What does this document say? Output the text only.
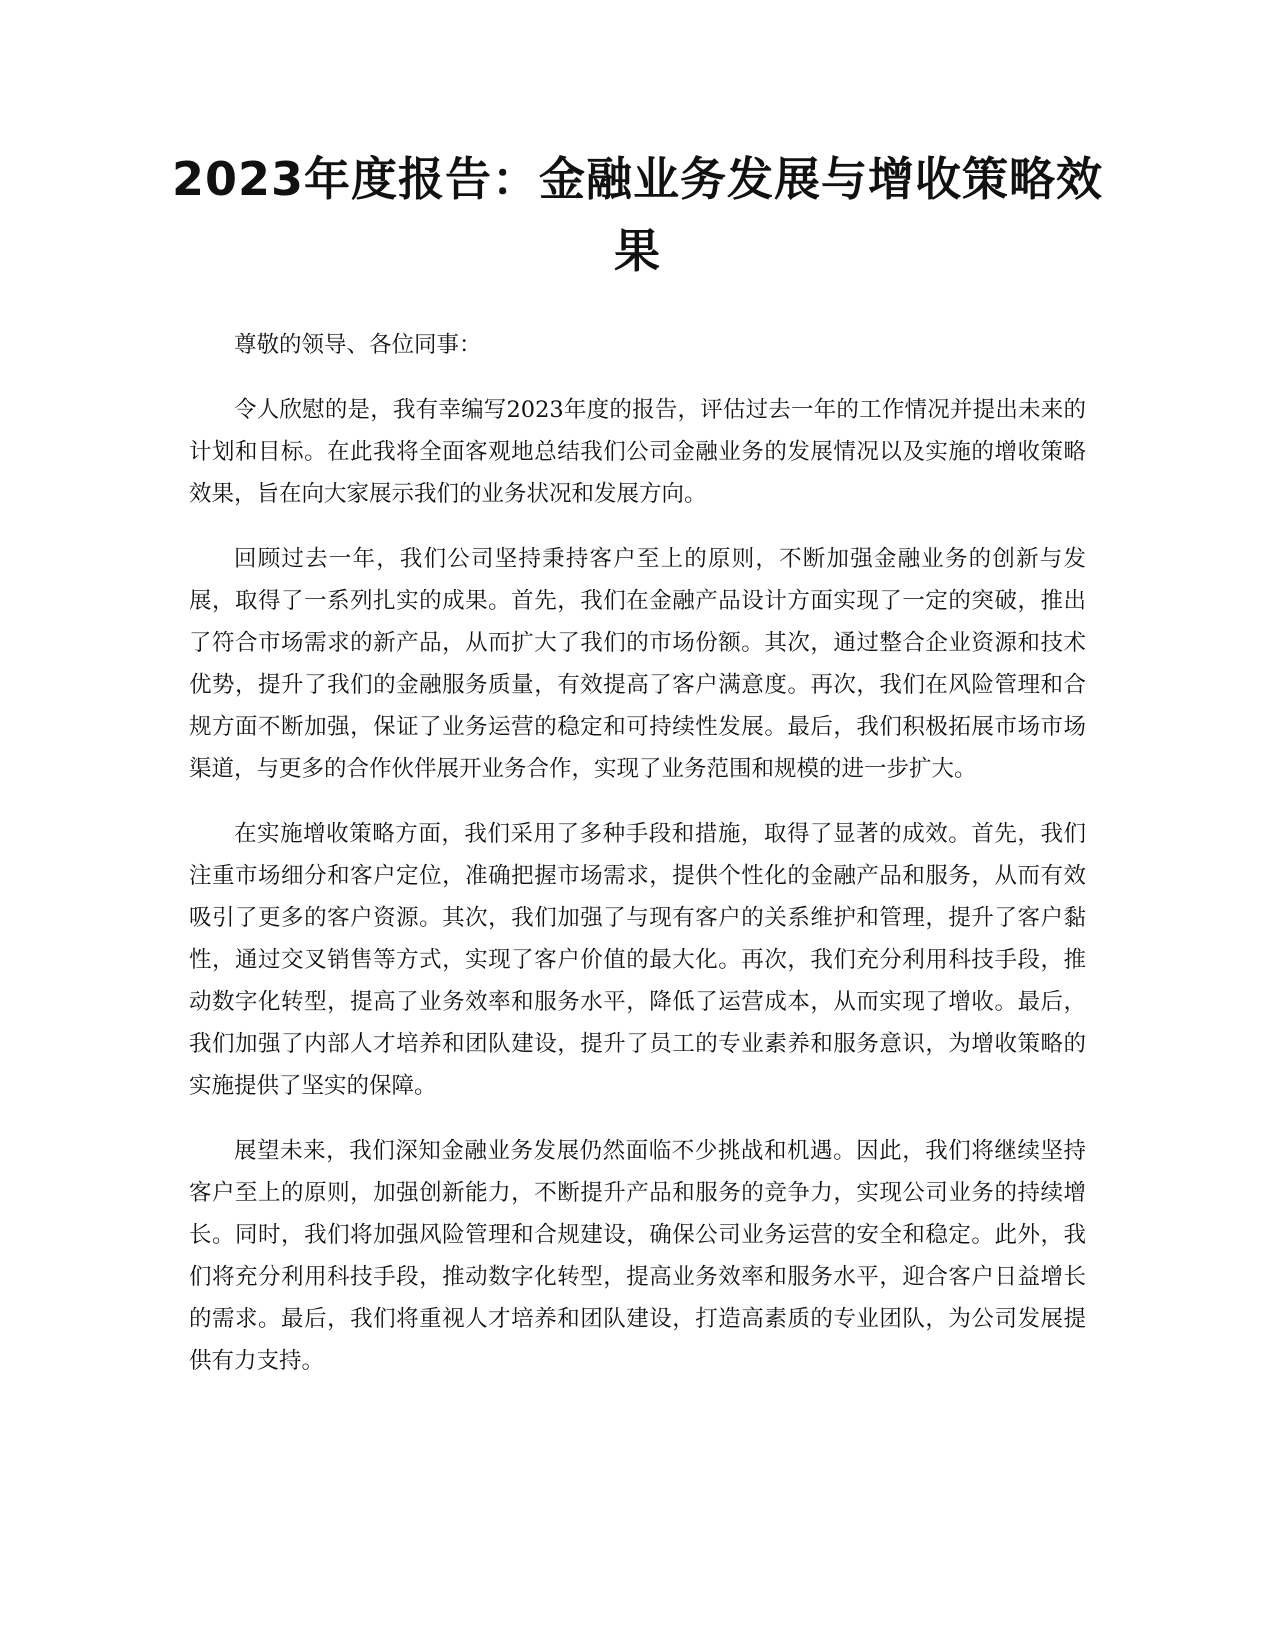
2023年度报告：金融业务发展与增收策略效果

尊敬的领导、各位同事：

令人欣慰的是，我有幸编写2023年度的报告，评估过去一年的工作情况并提出未来的计划和目标。在此我将全面客观地总结我们公司金融业务的发展情况以及实施的增收策略效果，旨在向大家展示我们的业务状况和发展方向。

回顾过去一年，我们公司坚持秉持客户至上的原则，不断加强金融业务的创新与发展，取得了一系列扎实的成果。首先，我们在金融产品设计方面实现了一定的突破，推出了符合市场需求的新产品，从而扩大了我们的市场份额。其次，通过整合企业资源和技术优势，提升了我们的金融服务质量，有效提高了客户满意度。再次，我们在风险管理和合规方面不断加强，保证了业务运营的稳定和可持续性发展。最后，我们积极拓展市场市场渠道，与更多的合作伙伴展开业务合作，实现了业务范围和规模的进一步扩大。

在实施增收策略方面，我们采用了多种手段和措施，取得了显著的成效。首先，我们注重市场细分和客户定位，准确把握市场需求，提供个性化的金融产品和服务，从而有效吸引了更多的客户资源。其次，我们加强了与现有客户的关系维护和管理，提升了客户黏性，通过交叉销售等方式，实现了客户价值的最大化。再次，我们充分利用科技手段，推动数字化转型，提高了业务效率和服务水平，降低了运营成本，从而实现了增收。最后，我们加强了内部人才培养和团队建设，提升了员工的专业素养和服务意识，为增收策略的实施提供了坚实的保障。

展望未来，我们深知金融业务发展仍然面临不少挑战和机遇。因此，我们将继续坚持客户至上的原则，加强创新能力，不断提升产品和服务的竞争力，实现公司业务的持续增长。同时，我们将加强风险管理和合规建设，确保公司业务运营的安全和稳定。此外，我们将充分利用科技手段，推动数字化转型，提高业务效率和服务水平，迎合客户日益增长的需求。最后，我们将重视人才培养和团队建设，打造高素质的专业团队，为公司发展提供有力支持。
